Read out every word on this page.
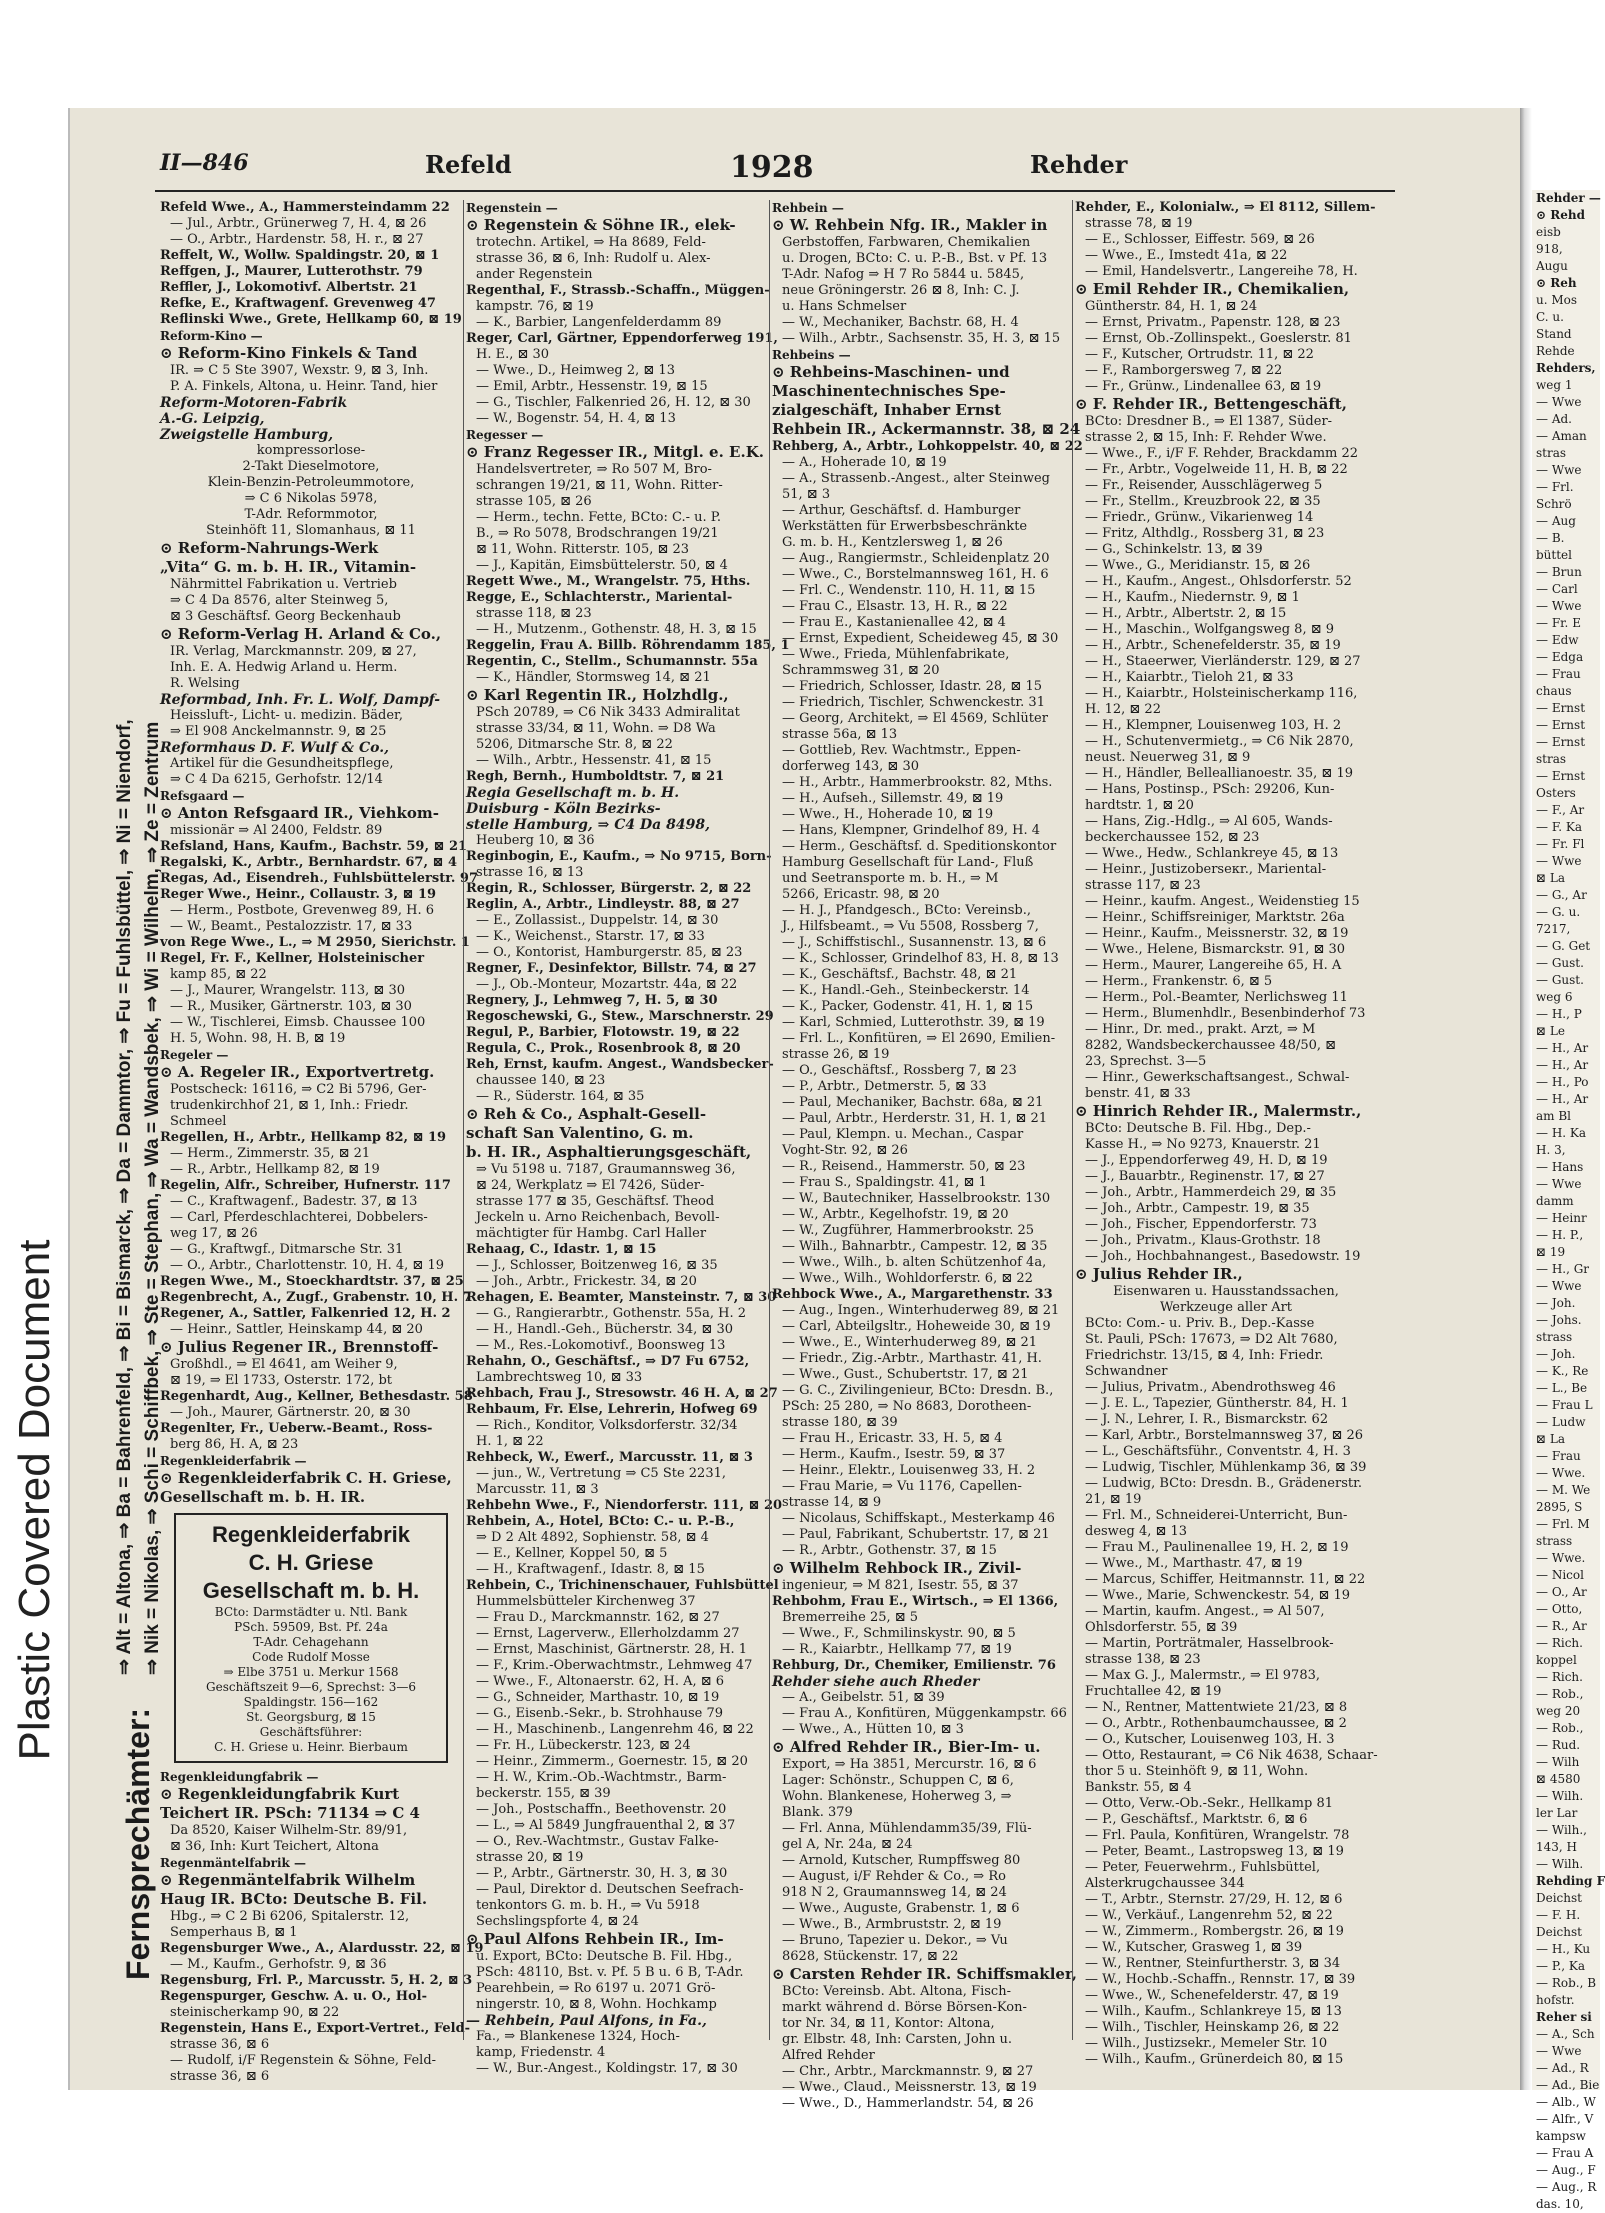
Plastic Covered Document
Fernsprechämter:
⇒ Alt = Altona, ⇒ Ba = Bahrenfeld, ⇒ Bi = Bismarck, ⇒ Da = Dammtor, ⇒ Fu = Fuhlsbüttel, ⇒ Ni = Niendorf, ⇒ Nik = Nikolas, ⇒ Schi = Schiffbek, ⇒ Ste = Stephan, ⇒ Wa = Wandsbek, ⇒ Wi = Wilhelm, ⇒ Ze = Zentrum
II—846	Refeld	1928	Rehder
Refeld Wwe., A., Hammersteindamm 22
— Jul., Arbtr., Grünerweg 7, H. 4, ⊠ 26
— O., Arbtr., Hardenstr. 58, H. r., ⊠ 27
Reffelt, W., Wollw. Spaldingstr. 20, ⊠ 1
Reffgen, J., Maurer, Lutterothstr. 79
Reffler, J., Lokomotivf. Albertstr. 21
Refke, E., Kraftwagenf. Grevenweg 47
Reflinski Wwe., Grete, Hellkamp 60, ⊠ 19
Reform-Kino —
⊙ Reform-Kino Finkels & Tand
IR. ⇒ C 5 Ste 3907, Wexstr. 9, ⊠ 3, Inh.
P. A. Finkels, Altona, u. Heinr. Tand, hier
Reform-Motoren-Fabrik
A.-G. Leipzig,
Zweigstelle Hamburg,
kompressorlose-
2-Takt Dieselmotore,
Klein-Benzin-Petroleummotore,
⇒ C 6 Nikolas 5978,
T-Adr. Reformmotor,
Steinhöft 11, Slomanhaus, ⊠ 11
⊙ Reform-Nahrungs-Werk
„Vita“ G. m. b. H. IR., Vitamin-
Nährmittel Fabrikation u. Vertrieb
⇒ C 4 Da 8576, alter Steinweg 5,
⊠ 3 Geschäftsf. Georg Beckenhaub
⊙ Reform-Verlag H. Arland & Co.,
IR. Verlag, Marckmannstr. 209, ⊠ 27,
Inh. E. A. Hedwig Arland u. Herm.
R. Welsing
Reformbad, Inh. Fr. L. Wolf, Dampf-
Heissluft-, Licht- u. medizin. Bäder,
⇒ El 908 Anckelmannstr. 9, ⊠ 25
Reformhaus D. F. Wulf & Co.,
Artikel für die Gesundheitspflege,
⇒ C 4 Da 6215, Gerhofstr. 12/14
Refsgaard —
⊙ Anton Refsgaard IR., Viehkom-
missionär ⇒ Al 2400, Feldstr. 89
Refsland, Hans, Kaufm., Bachstr. 59, ⊠ 21
Regalski, K., Arbtr., Bernhardstr. 67, ⊠ 4
Regas, Ad., Eisendreh., Fuhlsbüttelerstr. 97
Reger Wwe., Heinr., Collaustr. 3, ⊠ 19
— Herm., Postbote, Grevenweg 89, H. 6
— W., Beamt., Pestalozzistr. 17, ⊠ 33
von Rege Wwe., L., ⇒ M 2950, Sierichstr. 1
Regel, Fr. F., Kellner, Holsteinischer
kamp 85, ⊠ 22
— J., Maurer, Wrangelstr. 113, ⊠ 30
— R., Musiker, Gärtnerstr. 103, ⊠ 30
— W., Tischlerei, Eimsb. Chaussee 100
H. 5, Wohn. 98, H. B, ⊠ 19
Regeler —
⊙ A. Regeler IR., Exportvertretg.
Postscheck: 16116, ⇒ C2 Bi 5796, Ger-
trudenkirchhof 21, ⊠ 1, Inh.: Friedr.
Schmeel
Regellen, H., Arbtr., Hellkamp 82, ⊠ 19
— Herm., Zimmerstr. 35, ⊠ 21
— R., Arbtr., Hellkamp 82, ⊠ 19
Regelin, Alfr., Schreiber, Hufnerstr. 117
— C., Kraftwagenf., Badestr. 37, ⊠ 13
— Carl, Pferdeschlachterei, Dobbelers-
weg 17, ⊠ 26
— G., Kraftwgf., Ditmarsche Str. 31
— O., Arbtr., Charlottenstr. 10, H. 4, ⊠ 19
Regen Wwe., M., Stoeckhardtstr. 37, ⊠ 25
Regenbrecht, A., Zugf., Grabenstr. 10, H. 7
Regener, A., Sattler, Falkenried 12, H. 2
— Heinr., Sattler, Heinskamp 44, ⊠ 20
⊙ Julius Regener IR., Brennstoff-
Großhdl., ⇒ El 4641, am Weiher 9,
⊠ 19, ⇒ El 1733, Osterstr. 172, bt
Regenhardt, Aug., Kellner, Bethesdastr. 58
— Joh., Maurer, Gärtnerstr. 20, ⊠ 30
Regenlter, Fr., Ueberw.-Beamt., Ross-
berg 86, H. A, ⊠ 23
Regenkleiderfabrik —
⊙ Regenkleiderfabrik C. H. Griese,
Gesellschaft m. b. H. IR.
Regenkleiderfabrik
C. H. Griese
Gesellschaft m. b. H.
BCto: Darmstädter u. Ntl. Bank
PSch. 59509, Bst. Pf. 24a
T-Adr. Cehagehann
Code Rudolf Mosse
⇒ Elbe 3751 u. Merkur 1568
Geschäftszeit 9—6, Sprechst: 3—6
Spaldingstr. 156—162
St. Georgsburg, ⊠ 15
Geschäftsführer:
C. H. Griese u. Heinr. Bierbaum
Regenkleidungfabrik —
⊙ Regenkleidungfabrik Kurt
Teichert IR. PSch: 71134 ⇒ C 4
Da 8520, Kaiser Wilhelm-Str. 89/91,
⊠ 36, Inh: Kurt Teichert, Altona
Regenmäntelfabrik —
⊙ Regenmäntelfabrik Wilhelm
Haug IR. BCto: Deutsche B. Fil.
Hbg., ⇒ C 2 Bi 6206, Spitalerstr. 12,
Semperhaus B, ⊠ 1
Regensburger Wwe., A., Alardusstr. 22, ⊠ 19
— M., Kaufm., Gerhofstr. 9, ⊠ 36
Regensburg, Frl. P., Marcusstr. 5, H. 2, ⊠ 3
Regenspurger, Geschw. A. u. O., Hol-
steinischerkamp 90, ⊠ 22
Regenstein, Hans E., Export-Vertret., Feld-
strasse 36, ⊠ 6
— Rudolf, i/F Regenstein & Söhne, Feld-
strasse 36, ⊠ 6
Regenstein —
⊙ Regenstein & Söhne IR., elek-
trotechn. Artikel, ⇒ Ha 8689, Feld-
strasse 36, ⊠ 6, Inh: Rudolf u. Alex-
ander Regenstein
Regenthal, F., Strassb.-Schaffn., Müggen-
kampstr. 76, ⊠ 19
— K., Barbier, Langenfelderdamm 89
Reger, Carl, Gärtner, Eppendorferweg 191,
H. E., ⊠ 30
— Wwe., D., Heimweg 2, ⊠ 13
— Emil, Arbtr., Hessenstr. 19, ⊠ 15
— G., Tischler, Falkenried 26, H. 12, ⊠ 30
— W., Bogenstr. 54, H. 4, ⊠ 13
Regesser —
⊙ Franz Regesser IR., Mitgl. e. E.K.
Handelsvertreter, ⇒ Ro 507 M, Bro-
schrangen 19/21, ⊠ 11, Wohn. Ritter-
strasse 105, ⊠ 26
— Herm., techn. Fette, BCto: C.- u. P.
B., ⇒ Ro 5078, Brodschrangen 19/21
⊠ 11, Wohn. Ritterstr. 105, ⊠ 23
— J., Kapitän, Eimsbüttelerstr. 50, ⊠ 4
Regett Wwe., M., Wrangelstr. 75, Hths.
Regge, E., Schlachterstr., Mariental-
strasse 118, ⊠ 23
— H., Mutzenm., Gothenstr. 48, H. 3, ⊠ 15
Reggelin, Frau A. Billb. Röhrendamm 185, 1
Regentin, C., Stellm., Schumannstr. 55a
— K., Händler, Stormsweg 14, ⊠ 21
⊙ Karl Regentin IR., Holzhdlg.,
PSch 20789, ⇒ C6 Nik 3433 Admiralitat
strasse 33/34, ⊠ 11, Wohn. ⇒ D8 Wa
5206, Ditmarsche Str. 8, ⊠ 22
— Wilh., Arbtr., Hessenstr. 41, ⊠ 15
Regh, Bernh., Humboldtstr. 7, ⊠ 21
Regia Gesellschaft m. b. H.
Duisburg - Köln Bezirks-
stelle Hamburg, ⇒ C4 Da 8498,
Heuberg 10, ⊠ 36
Reginbogin, E., Kaufm., ⇒ No 9715, Born-
strasse 16, ⊠ 13
Regin, R., Schlosser, Bürgerstr. 2, ⊠ 22
Reglin, A., Arbtr., Lindleystr. 88, ⊠ 27
— E., Zollassist., Duppelstr. 14, ⊠ 30
— K., Weichenst., Starstr. 17, ⊠ 33
— O., Kontorist, Hamburgerstr. 85, ⊠ 23
Regner, F., Desinfektor, Billstr. 74, ⊠ 27
— J., Ob.-Monteur, Mozartstr. 44a, ⊠ 22
Regnery, J., Lehmweg 7, H. 5, ⊠ 30
Regoschewski, G., Stew., Marschnerstr. 29
Regul, P., Barbier, Flotowstr. 19, ⊠ 22
Regula, C., Prok., Rosenbrook 8, ⊠ 20
Reh, Ernst, kaufm. Angest., Wandsbecker-
chaussee 140, ⊠ 23
— R., Süderstr. 164, ⊠ 35
⊙ Reh & Co., Asphalt-Gesell-
schaft San Valentino, G. m.
b. H. IR., Asphaltierungsgeschäft,
⇒ Vu 5198 u. 7187, Graumannsweg 36,
⊠ 24, Werkplatz ⇒ El 7426, Süder-
strasse 177 ⊠ 35, Geschäftsf. Theod
Jeckeln u. Arno Reichenbach, Bevoll-
mächtigter für Hambg. Carl Haller
Rehaag, C., Idastr. 1, ⊠ 15
— J., Schlosser, Boitzenweg 16, ⊠ 35
— Joh., Arbtr., Frickestr. 34, ⊠ 20
Rehagen, E. Beamter, Mansteinstr. 7, ⊠ 30
— G., Rangierarbtr., Gothenstr. 55a, H. 2
— H., Handl.-Geh., Bücherstr. 34, ⊠ 30
— M., Res.-Lokomotivf., Boonsweg 13
Rehahn, O., Geschäftsf., ⇒ D7 Fu 6752,
Lambrechtsweg 10, ⊠ 33
Rehbach, Frau J., Stresowstr. 46 H. A, ⊠ 27
Rehbaum, Fr. Else, Lehrerin, Hofweg 69
— Rich., Konditor, Volksdorferstr. 32/34
H. 1, ⊠ 22
Rehbeck, W., Ewerf., Marcusstr. 11, ⊠ 3
— jun., W., Vertretung ⇒ C5 Ste 2231,
Marcusstr. 11, ⊠ 3
Rehbehn Wwe., F., Niendorferstr. 111, ⊠ 20
Rehbein, A., Hotel, BCto: C.- u. P.-B.,
⇒ D 2 Alt 4892, Sophienstr. 58, ⊠ 4
— E., Kellner, Koppel 50, ⊠ 5
— H., Kraftwagenf., Idastr. 8, ⊠ 15
Rehbein, C., Trichinenschauer, Fuhlsbüttel
Hummelsbütteler Kirchenweg 37
— Frau D., Marckmannstr. 162, ⊠ 27
— Ernst, Lagerverw., Ellerholzdamm 27
— Ernst, Maschinist, Gärtnerstr. 28, H. 1
— F., Krim.-Oberwachtmstr., Lehmweg 47
— Wwe., F., Altonaerstr. 62, H. A, ⊠ 6
— G., Schneider, Marthastr. 10, ⊠ 19
— G., Eisenb.-Sekr., b. Strohhause 79
— H., Maschinenb., Langenrehm 46, ⊠ 22
— Fr. H., Lübeckerstr. 123, ⊠ 24
— Heinr., Zimmerm., Goernestr. 15, ⊠ 20
— H. W., Krim.-Ob.-Wachtmstr., Barm-
beckerstr. 155, ⊠ 39
— Joh., Postschaffn., Beethovenstr. 20
— L., ⇒ Al 5849 Jungfrauenthal 2, ⊠ 37
— O., Rev.-Wachtmstr., Gustav Falke-
strasse 20, ⊠ 19
— P., Arbtr., Gärtnerstr. 30, H. 3, ⊠ 30
— Paul, Direktor d. Deutschen Seefrach-
tenkontors G. m. b. H., ⇒ Vu 5918
Sechslingspforte 4, ⊠ 24
⊙ Paul Alfons Rehbein IR., Im-
u. Export, BCto: Deutsche B. Fil. Hbg.,
PSch: 48110, Bst. v. Pf. 5 B u. 6 B, T-Adr.
Pearehbein, ⇒ Ro 6197 u. 2071 Grö-
ningerstr. 10, ⊠ 8, Wohn. Hochkamp
— Rehbein, Paul Alfons, in Fa.,
Fa., ⇒ Blankenese 1324, Hoch-
kamp, Friedenstr. 4
— W., Bur.-Angest., Koldingstr. 17, ⊠ 30
Rehbein —
⊙ W. Rehbein Nfg. IR., Makler in
Gerbstoffen, Farbwaren, Chemikalien
u. Drogen, BCto: C. u. P.-B., Bst. v Pf. 13
T-Adr. Nafog ⇒ H 7 Ro 5844 u. 5845,
neue Gröningerstr. 26 ⊠ 8, Inh: C. J.
u. Hans Schmelser
— W., Mechaniker, Bachstr. 68, H. 4
— Wilh., Arbtr., Sachsenstr. 35, H. 3, ⊠ 15
Rehbeins —
⊙ Rehbeins-Maschinen- und
Maschinentechnisches Spe-
zialgeschäft, Inhaber Ernst
Rehbein IR., Ackermannstr. 38, ⊠ 24
Rehberg, A., Arbtr., Lohkoppelstr. 40, ⊠ 22
— A., Hoherade 10, ⊠ 19
— A., Strassenb.-Angest., alter Steinweg
51, ⊠ 3
— Arthur, Geschäftsf. d. Hamburger
Werkstätten für Erwerbsbeschränkte
G. m. b. H., Kentzlersweg 1, ⊠ 26
— Aug., Rangiermstr., Schleidenplatz 20
— Wwe., C., Borstelmannsweg 161, H. 6
— Frl. C., Wendenstr. 110, H. 11, ⊠ 15
— Frau C., Elsastr. 13, H. R., ⊠ 22
— Frau E., Kastanienallee 42, ⊠ 4
— Ernst, Expedient, Scheideweg 45, ⊠ 30
— Wwe., Frieda, Mühlenfabrikate,
Schrammsweg 31, ⊠ 20
— Friedrich, Schlosser, Idastr. 28, ⊠ 15
— Friedrich, Tischler, Schwenckestr. 31
— Georg, Architekt, ⇒ El 4569, Schlüter
strasse 56a, ⊠ 13
— Gottlieb, Rev. Wachtmstr., Eppen-
dorferweg 143, ⊠ 30
— H., Arbtr., Hammerbrookstr. 82, Mths.
— H., Aufseh., Sillemstr. 49, ⊠ 19
— Wwe., H., Hoherade 10, ⊠ 19
— Hans, Klempner, Grindelhof 89, H. 4
— Herm., Geschäftsf. d. Speditionskontor
Hamburg Gesellschaft für Land-, Fluß
und Seetransporte m. b. H., ⇒ M
5266, Ericastr. 98, ⊠ 20
— H. J., Pfandgesch., BCto: Vereinsb.,
J., Hilfsbeamt., ⇒ Vu 5508, Rossberg 7,
— J., Schiffstischl., Susannenstr. 13, ⊠ 6
— K., Schlosser, Grindelhof 83, H. 8, ⊠ 13
— K., Geschäftsf., Bachstr. 48, ⊠ 21
— K., Handl.-Geh., Steinbeckerstr. 14
— K., Packer, Godenstr. 41, H. 1, ⊠ 15
— Karl, Schmied, Lutterothstr. 39, ⊠ 19
— Frl. L., Konfitüren, ⇒ El 2690, Emilien-
strasse 26, ⊠ 19
— O., Geschäftsf., Rossberg 7, ⊠ 23
— P., Arbtr., Detmerstr. 5, ⊠ 33
— Paul, Mechaniker, Bachstr. 68a, ⊠ 21
— Paul, Arbtr., Herderstr. 31, H. 1, ⊠ 21
— Paul, Klempn. u. Mechan., Caspar
Voght-Str. 92, ⊠ 26
— R., Reisend., Hammerstr. 50, ⊠ 23
— Frau S., Spaldingstr. 41, ⊠ 1
— W., Bautechniker, Hasselbrookstr. 130
— W., Arbtr., Kegelhofstr. 19, ⊠ 20
— W., Zugführer, Hammerbrookstr. 25
— Wilh., Bahnarbtr., Campestr. 12, ⊠ 35
— Wwe., Wilh., b. alten Schützenhof 4a,
— Wwe., Wilh., Wohldorferstr. 6, ⊠ 22
Rehbock Wwe., A., Margarethenstr. 33
— Aug., Ingen., Winterhuderweg 89, ⊠ 21
— Carl, Abteilgsltr., Hoheweide 30, ⊠ 19
— Wwe., E., Winterhuderweg 89, ⊠ 21
— Friedr., Zig.-Arbtr., Marthastr. 41, H.
— Wwe., Gust., Schubertstr. 17, ⊠ 21
— G. C., Zivilingenieur, BCto: Dresdn. B.,
PSch: 25 280, ⇒ No 8683, Dorotheen-
strasse 180, ⊠ 39
— Frau H., Ericastr. 33, H. 5, ⊠ 4
— Herm., Kaufm., Isestr. 59, ⊠ 37
— Heinr., Elektr., Louisenweg 33, H. 2
— Frau Marie, ⇒ Vu 1176, Capellen-
strasse 14, ⊠ 9
— Nicolaus, Schiffskapt., Mesterkamp 46
— Paul, Fabrikant, Schubertstr. 17, ⊠ 21
— R., Arbtr., Gothenstr. 37, ⊠ 15
⊙ Wilhelm Rehbock IR., Zivil-
ingenieur, ⇒ M 821, Isestr. 55, ⊠ 37
Rehbohm, Frau E., Wirtsch., ⇒ El 1366,
Bremerreihe 25, ⊠ 5
— Wwe., F., Schmilinskystr. 90, ⊠ 5
— R., Kaiarbtr., Hellkamp 77, ⊠ 19
Rehburg, Dr., Chemiker, Emilienstr. 76
Rehder siehe auch Rheder
— A., Geibelstr. 51, ⊠ 39
— Frau A., Konfitüren, Müggenkampstr. 66
— Wwe., A., Hütten 10, ⊠ 3
⊙ Alfred Rehder IR., Bier-Im- u.
Export, ⇒ Ha 3851, Mercurstr. 16, ⊠ 6
Lager: Schönstr., Schuppen C, ⊠ 6,
Wohn. Blankenese, Hoherweg 3, ⇒
Blank. 379
— Frl. Anna, Mühlendamm35/39, Flü-
gel A, Nr. 24a, ⊠ 24
— Arnold, Kutscher, Rumpffsweg 80
— August, i/F Rehder & Co., ⇒ Ro
918 N 2, Graumannsweg 14, ⊠ 24
— Wwe., Auguste, Grabenstr. 1, ⊠ 6
— Wwe., B., Armbruststr. 2, ⊠ 19
— Bruno, Tapezier u. Dekor., ⇒ Vu
8628, Stückenstr. 17, ⊠ 22
⊙ Carsten Rehder IR. Schiffsmakler,
BCto: Vereinsb. Abt. Altona, Fisch-
markt während d. Börse Börsen-Kon-
tor Nr. 34, ⊠ 11, Kontor: Altona,
gr. Elbstr. 48, Inh: Carsten, John u.
Alfred Rehder
— Chr., Arbtr., Marckmannstr. 9, ⊠ 27
— Wwe., Claud., Meissnerstr. 13, ⊠ 19
— Wwe., D., Hammerlandstr. 54, ⊠ 26
Rehder, E., Kolonialw., ⇒ El 8112, Sillem-
strasse 78, ⊠ 19
— E., Schlosser, Eiffestr. 569, ⊠ 26
— Wwe., E., Imstedt 41a, ⊠ 22
— Emil, Handelsvertr., Langereihe 78, H.
⊙ Emil Rehder IR., Chemikalien,
Güntherstr. 84, H. 1, ⊠ 24
— Ernst, Privatm., Papenstr. 128, ⊠ 23
— Ernst, Ob.-Zollinspekt., Goeslerstr. 81
— F., Kutscher, Ortrudstr. 11, ⊠ 22
— F., Ramborgersweg 7, ⊠ 22
— Fr., Grünw., Lindenallee 63, ⊠ 19
⊙ F. Rehder IR., Bettengeschäft,
BCto: Dresdner B., ⇒ El 1387, Süder-
strasse 2, ⊠ 15, Inh: F. Rehder Wwe.
— Wwe., F., i/F F. Rehder, Brackdamm 22
— Fr., Arbtr., Vogelweide 11, H. B, ⊠ 22
— Fr., Reisender, Ausschlägerweg 5
— Fr., Stellm., Kreuzbrook 22, ⊠ 35
— Friedr., Grünw., Vikarienweg 14
— Fritz, Althdlg., Rossberg 31, ⊠ 23
— G., Schinkelstr. 13, ⊠ 39
— Wwe., G., Meridianstr. 15, ⊠ 26
— H., Kaufm., Angest., Ohlsdorferstr. 52
— H., Kaufm., Niedernstr. 9, ⊠ 1
— H., Arbtr., Albertstr. 2, ⊠ 15
— H., Maschin., Wolfgangsweg 8, ⊠ 9
— H., Arbtr., Schenefelderstr. 35, ⊠ 19
— H., Staeerwer, Vierländerstr. 129, ⊠ 27
— H., Kaiarbtr., Tieloh 21, ⊠ 33
— H., Kaiarbtr., Holsteinischerkamp 116,
H. 12, ⊠ 22
— H., Klempner, Louisenweg 103, H. 2
— H., Schutenvermietg., ⇒ C6 Nik 2870,
neust. Neuerweg 31, ⊠ 9
— H., Händler, Belleallianoestr. 35, ⊠ 19
— Hans, Postinsp., PSch: 29206, Kun-
hardtstr. 1, ⊠ 20
— Hans, Zig.-Hdlg., ⇒ Al 605, Wands-
beckerchaussee 152, ⊠ 23
— Wwe., Hedw., Schlankreye 45, ⊠ 13
— Heinr., Justizoberseкr., Mariental-
strasse 117, ⊠ 23
— Heinr., kaufm. Angest., Weidenstieg 15
— Heinr., Schiffsreiniger, Marktstr. 26a
— Heinr., Kaufm., Meissnerstr. 32, ⊠ 19
— Wwe., Helene, Bismarckstr. 91, ⊠ 30
— Herm., Maurer, Langereihe 65, H. A
— Herm., Frankenstr. 6, ⊠ 5
— Herm., Pol.-Beamter, Nerlichsweg 11
— Herm., Blumenhdlr., Besenbinderhof 73
— Hinr., Dr. med., prakt. Arzt, ⇒ M
8282, Wandsbeckerchaussee 48/50, ⊠
23, Sprechst. 3—5
— Hinr., Gewerkschaftsangest., Schwal-
benstr. 41, ⊠ 33
⊙ Hinrich Rehder IR., Malermstr.,
BCto: Deutsche B. Fil. Hbg., Dep.-
Kasse H., ⇒ No 9273, Knauerstr. 21
— J., Eppendorferweg 49, H. D, ⊠ 19
— J., Bauarbtr., Reginenstr. 17, ⊠ 27
— Joh., Arbtr., Hammerdeich 29, ⊠ 35
— Joh., Arbtr., Campestr. 19, ⊠ 35
— Joh., Fischer, Eppendorferstr. 73
— Joh., Privatm., Klaus-Grothstr. 18
— Joh., Hochbahnangest., Basedowstr. 19
⊙ Julius Rehder IR.,
Eisenwaren u. Hausstandssachen,
Werkzeuge aller Art
BCto: Com.- u. Priv. B., Dep.-Kasse
St. Pauli, PSch: 17673, ⇒ D2 Alt 7680,
Friedrichstr. 13/15, ⊠ 4, Inh: Friedr.
Schwandner
— Julius, Privatm., Abendrothsweg 46
— J. E. L., Tapezier, Güntherstr. 84, H. 1
— J. N., Lehrer, I. R., Bismarckstr. 62
— Karl, Arbtr., Borstelmannsweg 37, ⊠ 26
— L., Geschäftsführ., Conventstr. 4, H. 3
— Ludwig, Tischler, Mühlenkamp 36, ⊠ 39
— Ludwig, BCto: Dresdn. B., Grädenerstr.
21, ⊠ 19
— Frl. M., Schneiderei-Unterricht, Bun-
desweg 4, ⊠ 13
— Frau M., Paulinenallee 19, H. 2, ⊠ 19
— Wwe., M., Marthastr. 47, ⊠ 19
— Marcus, Schiffer, Heitmannstr. 11, ⊠ 22
— Wwe., Marie, Schwenckestr. 54, ⊠ 19
— Martin, kaufm. Angest., ⇒ Al 507,
Ohlsdorferstr. 55, ⊠ 39
— Martin, Porträtmaler, Hasselbrook-
strasse 138, ⊠ 23
— Max G. J., Malermstr., ⇒ El 9783,
Fruchtallee 42, ⊠ 19
— N., Rentner, Mattentwiete 21/23, ⊠ 8
— O., Arbtr., Rothenbaumchaussee, ⊠ 2
— O., Kutscher, Louisenweg 103, H. 3
— Otto, Restaurant, ⇒ C6 Nik 4638, Schaar-
thor 5 u. Steinhöft 9, ⊠ 11, Wohn.
Bankstr. 55, ⊠ 4
— Otto, Verw.-Ob.-Sekr., Hellkamp 81
— P., Geschäftsf., Marktstr. 6, ⊠ 6
— Frl. Paula, Konfitüren, Wrangelstr. 78
— Peter, Beamt., Lastropsweg 13, ⊠ 19
— Peter, Feuerwehrm., Fuhlsbüttel,
Alsterkrugchaussee 344
— T., Arbtr., Sternstr. 27/29, H. 12, ⊠ 6
— W., Verkäuf., Langenrehm 52, ⊠ 22
— W., Zimmerm., Rombergstr. 26, ⊠ 19
— W., Kutscher, Grasweg 1, ⊠ 39
— W., Rentner, Steinfurtherstr. 3, ⊠ 34
— W., Hochb.-Schaffn., Rennstr. 17, ⊠ 39
— Wwe., W., Schenefelderstr. 47, ⊠ 19
— Wilh., Kaufm., Schlankreye 15, ⊠ 13
— Wilh., Tischler, Heinskamp 26, ⊠ 22
— Wilh., Justizsekr., Memeler Str. 10
— Wilh., Kaufm., Grünerdeich 80, ⊠ 15
Rehder —
⊙ Rehd
eisb
918,
Augu
⊙ Reh
u. Mos
C. u.
Stand
Rehde
Rehders,
weg 1
— Wwe
— Ad.
— Aman
stras
— Wwe
— Frl.
Schrö
— Aug
— B.
büttel
— Brun
— Carl
— Wwe
— Fr. E
— Edw
— Edga
— Frau
chaus
— Ernst
— Ernst
— Ernst
stras
— Ernst
Osters
— F., Ar
— F. Ka
— Fr. Fl
— Wwe
⊠ La
— G., Ar
— G. u.
7217,
— G. Get
— Gust.
— Gust.
weg 6
— H., P
⊠ Le
— H., Ar
— H., Ar
— H., Po
— H., Ar
am Bl
— H. Ka
H. 3,
— Hans
— Wwe
damm
— Heinr
— H. P.,
⊠ 19
— H., Gr
— Wwe
— Joh.
— Johs.
strass
— Joh.
— K., Re
— L., Be
— Frau L
— Ludw
⊠ La
— Frau
— Wwe.
— M. We
2895, S
— Frl. M
strass
— Wwe.
— Nicol
— O., Ar
— Otto,
— R., Ar
— Rich.
koppel
— Rich.
— Rob.,
weg 20
— Rob.,
— Rud.
— Wilh
⊠ 4580
— Wilh.
ler Lar
— Wilh.,
143, H
— Wilh.
Rehding F
Deichst
— F. H.
Deichst
— H., Ku
— P., Ka
— Rob., B
hofstr.
Reher si
— A., Sch
— Wwe
— Ad., R
— Ad., Bie
— Alb., W
— Alfr., V
kampsw
— Frau A
— Aug., F
— Aug., R
das. 10,
